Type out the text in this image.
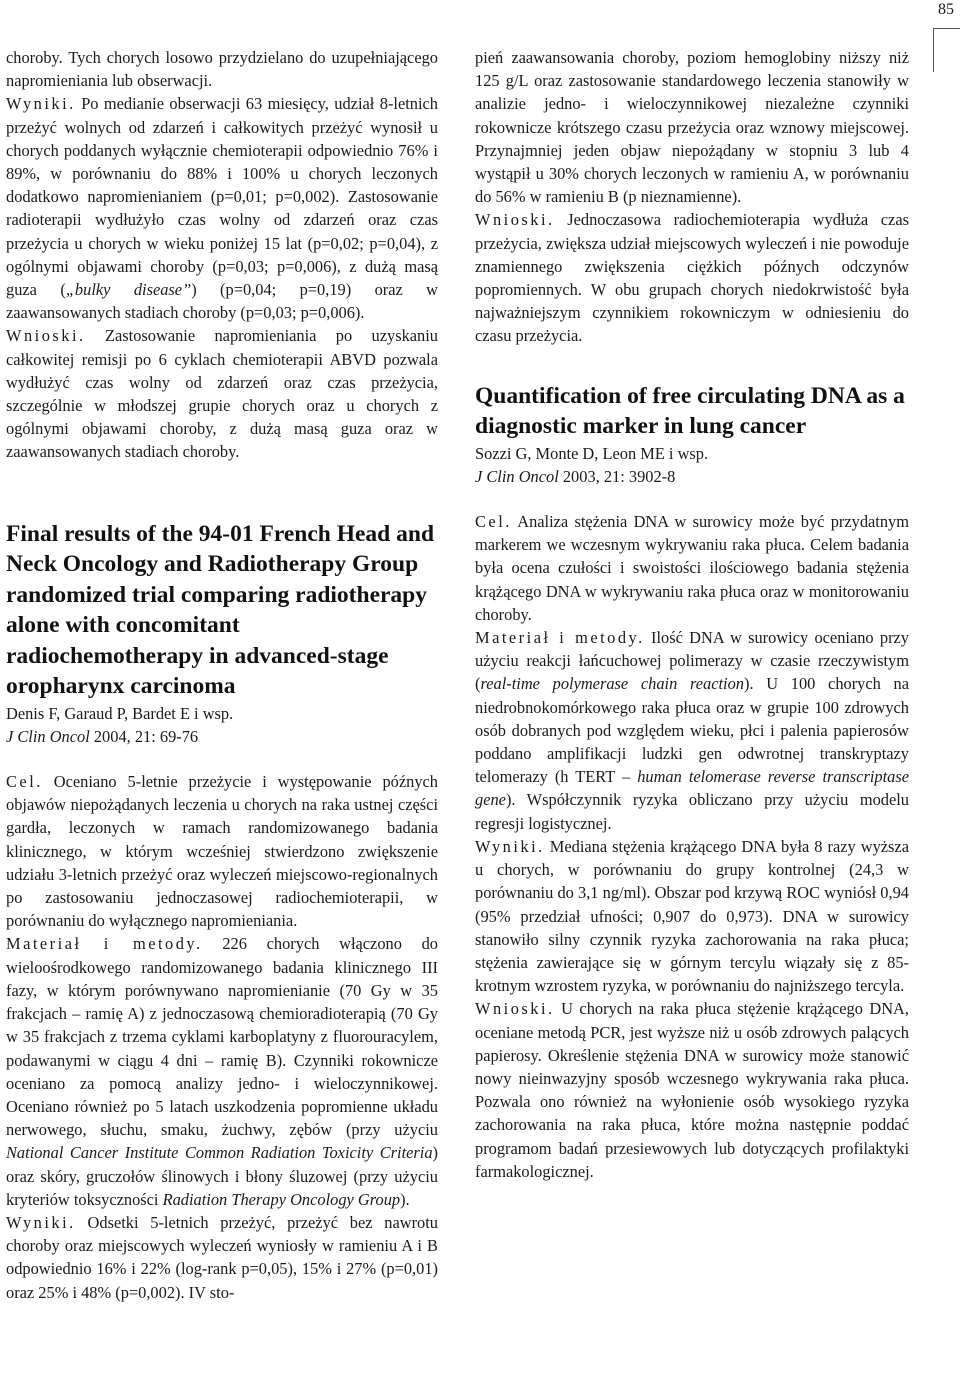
85

choroby. Tych chorych losowo przydzielano do uzupełniającego napromieniania lub obserwacji.

Wyniki. Po medianie obserwacji 63 miesięcy, udział 8-letnich przeżyć wolnych od zdarzeń i całkowitych przeżyć wynosił u chorych poddanych wyłącznie chemioterapii odpowiednio 76% i 89%, w porównaniu do 88% i 100% u chorych leczonych dodatkowo napromienianiem (p=0,01; p=0,002). Zastosowanie radioterapii wydłużyło czas wolny od zdarzeń oraz czas przeżycia u chorych w wieku poniżej 15 lat (p=0,02; p=0,04), z ogólnymi objawami choroby (p=0,03; p=0,006), z dużą masą guza („bulky disease”) (p=0,04; p=0,19) oraz w zaawansowanych stadiach choroby (p=0,03; p=0,006).

Wnioski. Zastosowanie napromieniania po uzyskaniu całkowitej remisji po 6 cyklach chemioterapii ABVD pozwala wydłużyć czas wolny od zdarzeń oraz czas przeżycia, szczególnie w młodszej grupie chorych oraz u chorych z ogólnymi objawami choroby, z dużą masą guza oraz w zaawansowanych stadiach choroby.

Final results of the 94-01 French Head and Neck Oncology and Radiotherapy Group randomized trial comparing radiotherapy alone with concomitant radiochemotherapy in advanced-stage oropharynx carcinoma

Denis F, Garaud P, Bardet E i wsp.

J Clin Oncol 2004, 21: 69-76

Cel. Oceniano 5-letnie przeżycie i występowanie późnych objawów niepożądanych leczenia u chorych na raka ustnej części gardła, leczonych w ramach randomizowanego badania klinicznego, w którym wcześniej stwierdzono zwiększenie udziału 3-letnich przeżyć oraz wyleczeń miejscowo-regionalnych po zastosowaniu jednoczasowej radiochemioterapii, w porównaniu do wyłącznego napromieniania.

Materiał i metody. 226 chorych włączono do wieloośrodkowego randomizowanego badania klinicznego III fazy, w którym porównywano napromienianie (70 Gy w 35 frakcjach – ramię A) z jednoczasową chemioradioterapią (70 Gy w 35 frakcjach z trzema cyklami karboplatyny z fluorouracylem, podawanymi w ciągu 4 dni – ramię B). Czynniki rokownicze oceniano za pomocą analizy jedno- i wieloczynnikowej. Oceniano również po 5 latach uszkodzenia popromienne układu nerwowego, słuchu, smaku, żuchwy, zębów (przy użyciu National Cancer Institute Common Radiation Toxicity Criteria) oraz skóry, gruczołów ślinowych i błony śluzowej (przy użyciu kryteriów toksyczności Radiation Therapy Oncology Group).

Wyniki. Odsetki 5-letnich przeżyć, przeżyć bez nawrotu choroby oraz miejscowych wyleczeń wyniosły w ramieniu A i B odpowiednio 16% i 22% (log-rank p=0,05), 15% i 27% (p=0,01) oraz 25% i 48% (p=0,002). IV sto-

pień zaawansowania choroby, poziom hemoglobiny niższy niż 125 g/L oraz zastosowanie standardowego leczenia stanowiły w analizie jedno- i wieloczynnikowej niezależne czynniki rokownicze krótszego czasu przeżycia oraz wznowy miejscowej. Przynajmniej jeden objaw niepożądany w stopniu 3 lub 4 wystąpił u 30% chorych leczonych w ramieniu A, w porównaniu do 56% w ramieniu B (p nieznamienne).

Wnioski. Jednoczasowa radiochemioterapia wydłuża czas przeżycia, zwiększa udział miejscowych wyleczeń i nie powoduje znamiennego zwiększenia ciężkich późnych odczynów popromiennych. W obu grupach chorych niedokrwistość była najważniejszym czynnikiem rokowniczym w odniesieniu do czasu przeżycia.

Quantification of free circulating DNA as a diagnostic marker in lung cancer

Sozzi G, Monte D, Leon ME i wsp.

J Clin Oncol 2003, 21: 3902-8

Cel. Analiza stężenia DNA w surowicy może być przydatnym markerem we wczesnym wykrywaniu raka płuca. Celem badania była ocena czułości i swoistości ilościowego badania stężenia krążącego DNA w wykrywaniu raka płuca oraz w monitorowaniu choroby.

Materiał i metody. Ilość DNA w surowicy oceniano przy użyciu reakcji łańcuchowej polimerazy w czasie rzeczywistym (real-time polymerase chain reaction). U 100 chorych na niedrobnokomórkowego raka płuca oraz w grupie 100 zdrowych osób dobranych pod względem wieku, płci i palenia papierosów poddano amplifikacji ludzki gen odwrotnej transkryptazy telomerazy (h TERT – human telomerase reverse transcriptase gene). Współczynnik ryzyka obliczano przy użyciu modelu regresji logistycznej.

Wyniki. Mediana stężenia krążącego DNA była 8 razy wyższa u chorych, w porównaniu do grupy kontrolnej (24,3 w porównaniu do 3,1 ng/ml). Obszar pod krzywą ROC wyniósł 0,94 (95% przedział ufności; 0,907 do 0,973). DNA w surowicy stanowiło silny czynnik ryzyka zachorowania na raka płuca; stężenia zawierające się w górnym tercylu wiązały się z 85-krotnym wzrostem ryzyka, w porównaniu do najniższego tercyla.

Wnioski. U chorych na raka płuca stężenie krążącego DNA, oceniane metodą PCR, jest wyższe niż u osób zdrowych palących papierosy. Określenie stężenia DNA w surowicy może stanowić nowy nieinwazyjny sposób wczesnego wykrywania raka płuca. Pozwala ono również na wyłonienie osób wysokiego ryzyka zachorowania na raka płuca, które można następnie poddać programom badań przesiewowych lub dotyczących profilaktyki farmakologicznej.
